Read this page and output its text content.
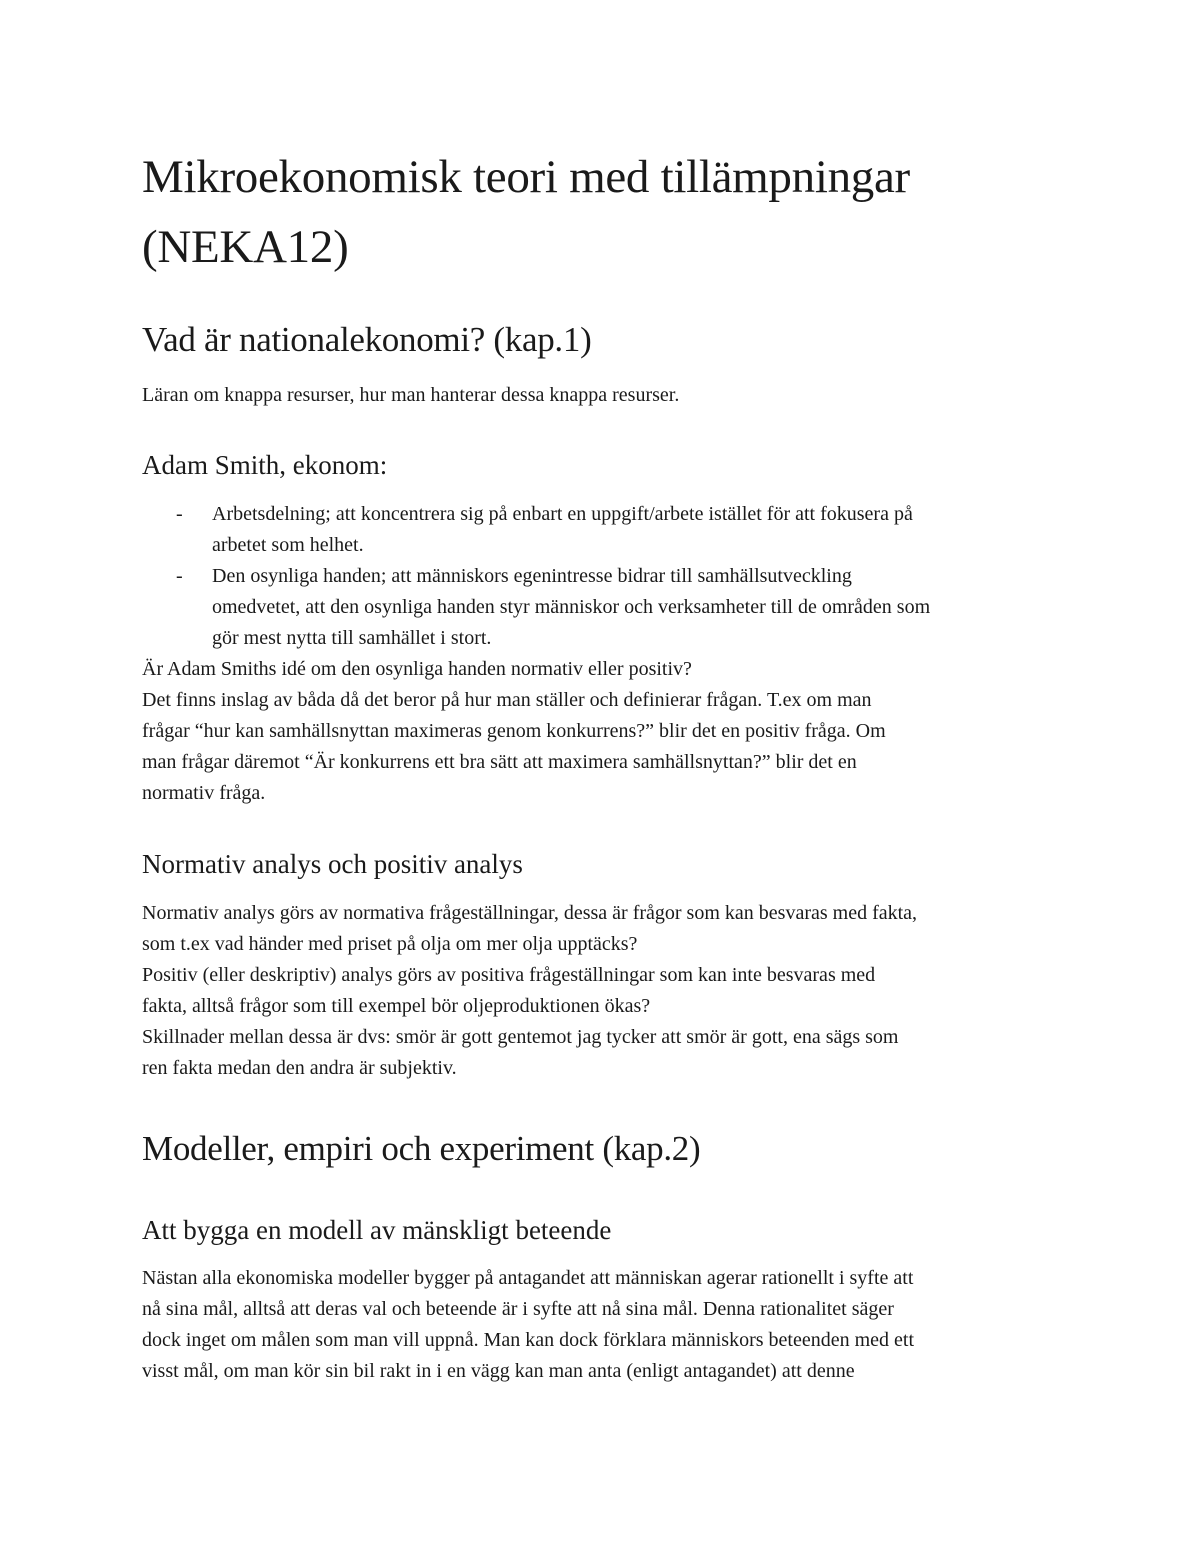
Mikroekonomisk teori med tillämpningar
(NEKA12)
Vad är nationalekonomi? (kap.1)

Läran om knappa resurser, hur man hanterar dessa knappa resurser.

Adam Smith, ekonom:
- Arbetsdelning; att koncentrera sig på enbart en uppgift/arbete istället för att fokusera på
arbetet som helhet.
- Den osynliga handen; att människors egenintresse bidrar till samhällsutveckling
omedvetet, att den osynliga handen styr människor och verksamheter till de områden som
gör mest nytta till samhället i stort.

Är Adam Smiths idé om den osynliga handen normativ eller positiv?
Det finns inslag av båda då det beror på hur man ställer och definierar frågan. T.ex om man
frågar “hur kan samhällsnyttan maximeras genom konkurrens?” blir det en positiv fråga. Om
man frågar däremot “Är konkurrens ett bra sätt att maximera samhällsnyttan?” blir det en
normativ fråga.

Normativ analys och positiv analys

Normativ analys görs av normativa frågeställningar, dessa är frågor som kan besvaras med fakta,
som t.ex vad händer med priset på olja om mer olja upptäcks?
Positiv (eller deskriptiv) analys görs av positiva frågeställningar som kan inte besvaras med
fakta, alltså frågor som till exempel bör oljeproduktionen ökas?
Skillnader mellan dessa är dvs: smör är gott gentemot jag tycker att smör är gott, ena sägs som
ren fakta medan den andra är subjektiv.

Modeller, empiri och experiment (kap.2)
Att bygga en modell av mänskligt beteende

Nästan alla ekonomiska modeller bygger på antagandet att människan agerar rationellt i syfte att
nå sina mål, alltså att deras val och beteende är i syfte att nå sina mål. Denna rationalitet säger
dock inget om målen som man vill uppnå. Man kan dock förklara människors beteenden med ett
visst mål, om man kör sin bil rakt in i en vägg kan man anta (enligt antagandet) att denne
